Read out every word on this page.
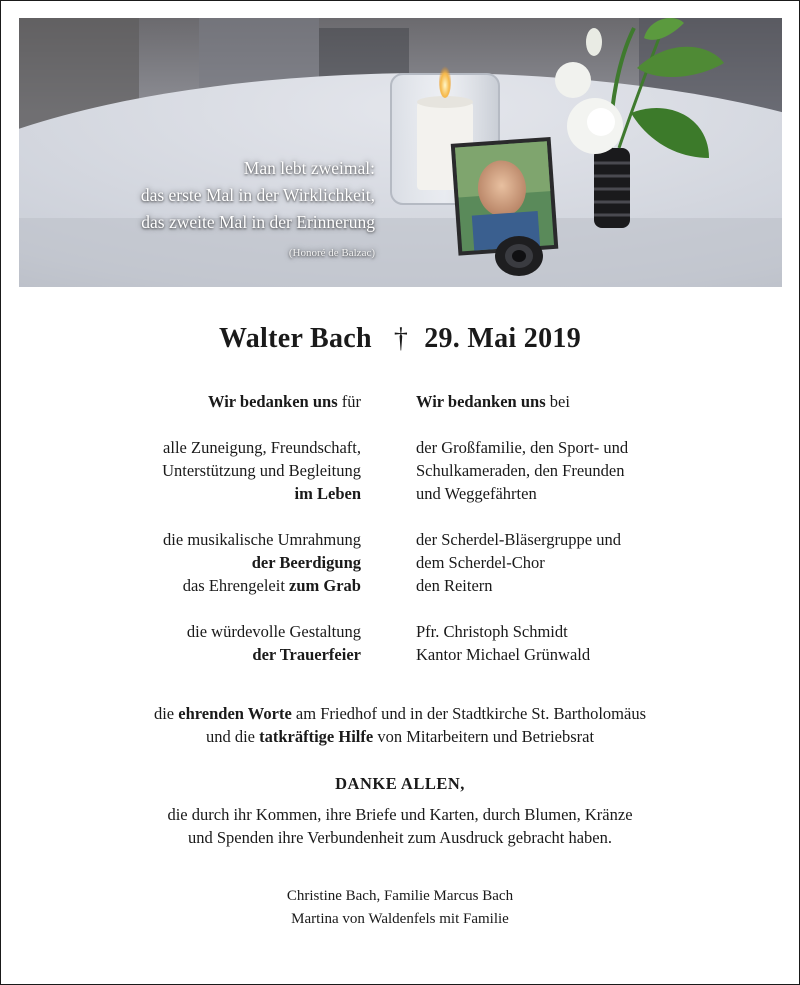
Man lebt zweimal:
das erste Mal in der Wirklichkeit,
das zweite Mal in der Erinnerung
(Honoré de Balzac)
Walter Bach † 29. Mai 2019
Wir bedanken uns für
alle Zuneigung, Freundschaft,
Unterstützung und Begleitung
im Leben
die musikalische Umrahmung
der Beerdigung
das Ehrengeleit zum Grab
die würdevolle Gestaltung
der Trauerfeier
Wir bedanken uns bei
der Großfamilie, den Sport- und
Schulkameraden, den Freunden
und Weggefährten
der Scherdel-Bläsergruppe und
dem Scherdel-Chor
den Reitern
Pfr. Christoph Schmidt
Kantor Michael Grünwald
die ehrenden Worte am Friedhof und in der Stadtkirche St. Bartholomäus
und die tatkräftige Hilfe von Mitarbeitern und Betriebsrat
DANKE ALLEN,
die durch ihr Kommen, ihre Briefe und Karten, durch Blumen, Kränze
und Spenden ihre Verbundenheit zum Ausdruck gebracht haben.
Christine Bach, Familie Marcus Bach
Martina von Waldenfels mit Familie
